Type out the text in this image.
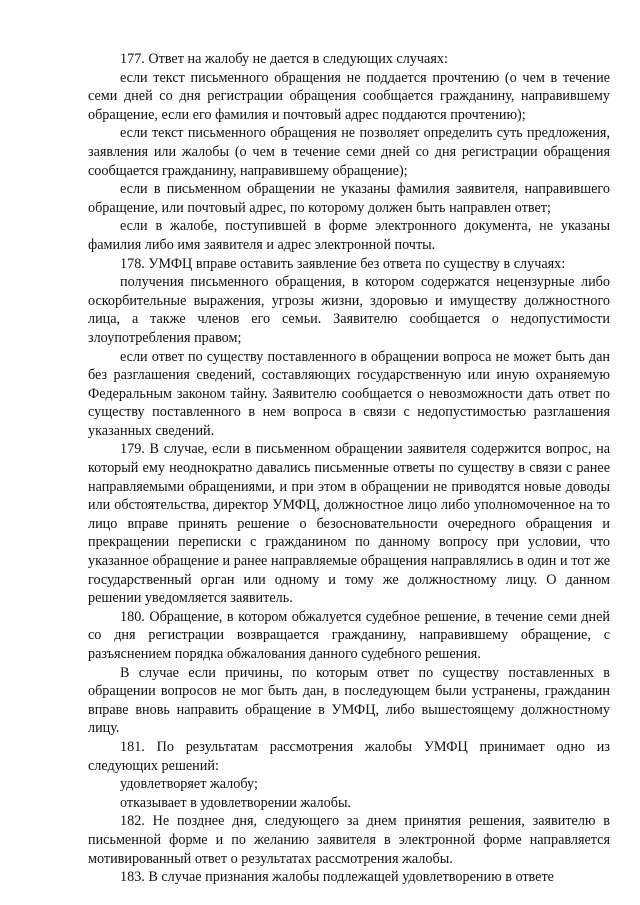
177. Ответ на жалобу не дается в следующих случаях:

если текст письменного обращения не поддается прочтению (о чем в течение семи дней со дня регистрации обращения сообщается гражданину, направившему обращение, если его фамилия и почтовый адрес поддаются прочтению);

если текст письменного обращения не позволяет определить суть предложения, заявления или жалобы (о чем в течение семи дней со дня регистрации обращения сообщается гражданину, направившему обращение);

если в письменном обращении не указаны фамилия заявителя, направившего обращение, или почтовый адрес, по которому должен быть направлен ответ;

если в жалобе, поступившей в форме электронного документа, не указаны фамилия либо имя заявителя и адрес электронной почты.

178. УМФЦ вправе оставить заявление без ответа по существу в случаях:

получения письменного обращения, в котором содержатся нецензурные либо оскорбительные выражения, угрозы жизни, здоровью и имуществу должностного лица, а также членов его семьи. Заявителю сообщается о недопустимости злоупотребления правом;

если ответ по существу поставленного в обращении вопроса не может быть дан без разглашения сведений, составляющих государственную или иную охраняемую Федеральным законом тайну. Заявителю сообщается о невозможности дать ответ по существу поставленного в нем вопроса в связи с недопустимостью разглашения указанных сведений.

179. В случае, если в письменном обращении заявителя содержится вопрос, на который ему неоднократно давались письменные ответы по существу в связи с ранее направляемыми обращениями, и при этом в обращении не приводятся новые доводы или обстоятельства, директор УМФЦ, должностное лицо либо уполномоченное на то лицо вправе принять решение о безосновательности очередного обращения и прекращении переписки с гражданином по данному вопросу при условии, что указанное обращение и ранее направляемые обращения направлялись в один и тот же государственный орган или одному и тому же должностному лицу. О данном решении уведомляется заявитель.

180. Обращение, в котором обжалуется судебное решение, в течение семи дней со дня регистрации возвращается гражданину, направившему обращение, с разъяснением порядка обжалования данного судебного решения.

В случае если причины, по которым ответ по существу поставленных в обращении вопросов не мог быть дан, в последующем были устранены, гражданин вправе вновь направить обращение в УМФЦ, либо вышестоящему должностному лицу.

181. По результатам рассмотрения жалобы УМФЦ принимает одно из следующих решений:

удовлетворяет жалобу;

отказывает в удовлетворении жалобы.

182. Не позднее дня, следующего за днем принятия решения, заявителю в письменной форме и по желанию заявителя в электронной форме направляется мотивированный ответ о результатах рассмотрения жалобы.

183. В случае признания жалобы подлежащей удовлетворению в ответе
